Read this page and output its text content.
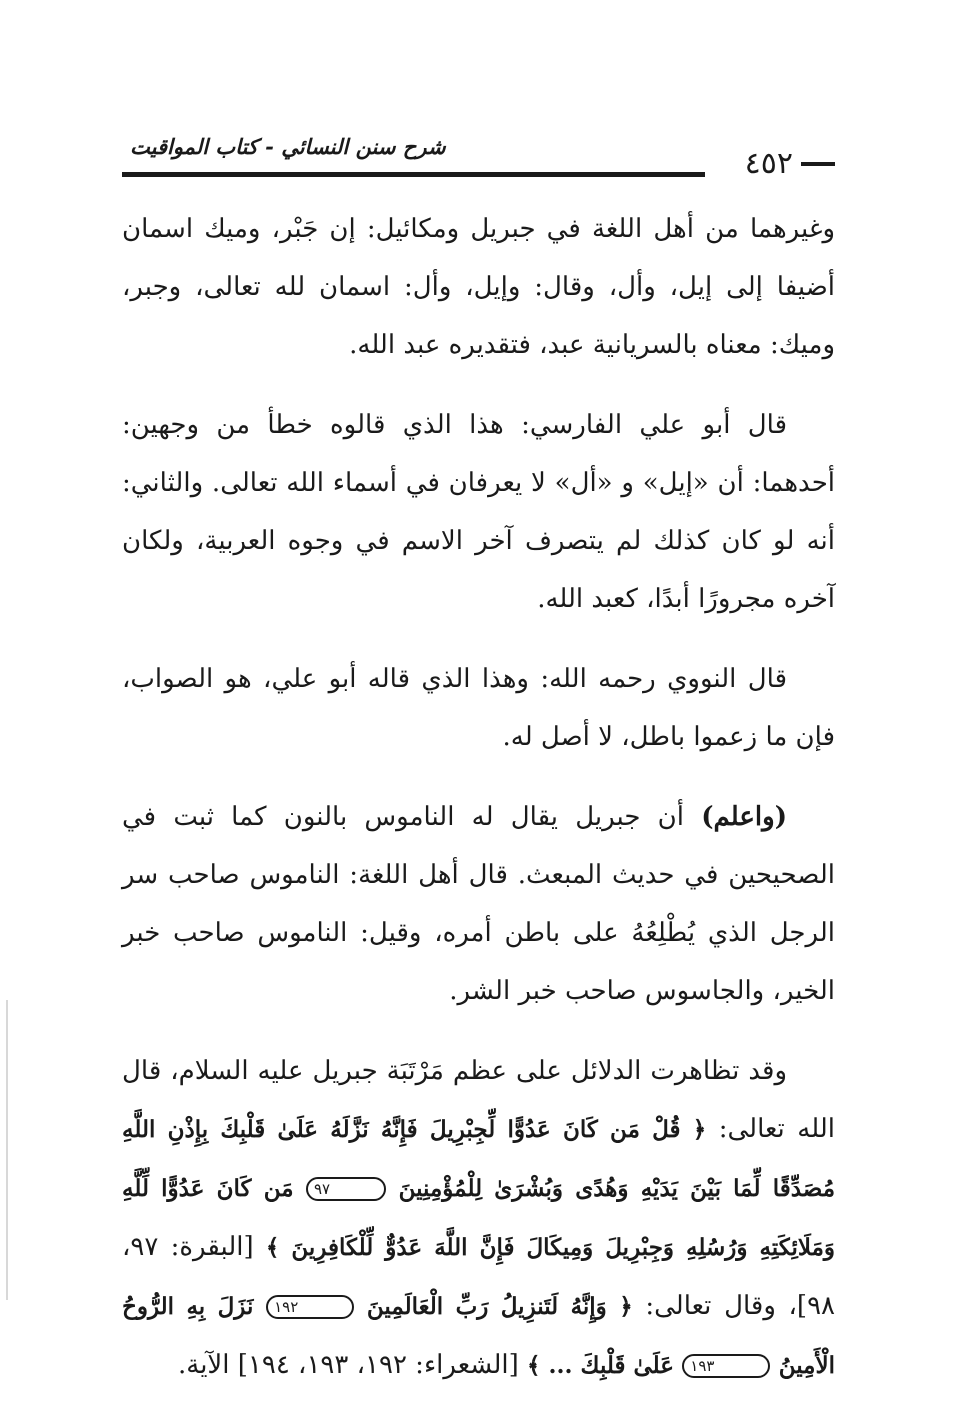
٤٥٢
شرح سنن النسائي - كتاب المواقيت

وغيرهما من أهل اللغة في جبريل ومكائيل: إن جَبْر، وميك اسمان أضيفا إلى إيل، وأل، وقال: وإيل، وأل: اسمان لله تعالى، وجبر، وميك: معناه بالسريانية عبد، فتقديره عبد الله.

قال أبو علي الفارسي: هذا الذي قالوه خطأ من وجهين: أحدهما: أن «إيل» و «أل» لا يعرفان في أسماء الله تعالى. والثاني: أنه لو كان كذلك لم يتصرف آخر الاسم في وجوه العربية، ولكان آخره مجرورًا أبدًا، كعبد الله.

قال النووي رحمه الله: وهذا الذي قاله أبو علي، هو الصواب، فإن ما زعموا باطل، لا أصل له.

(واعلم) أن جبريل يقال له الناموس بالنون كما ثبت في الصحيحين في حديث المبعث. قال أهل اللغة: الناموس صاحب سر الرجل الذي يُطْلِعُهُ على باطن أمره، وقيل: الناموس صاحب خبر الخير، والجاسوس صاحب خبر الشر.

وقد تظاهرت الدلائل على عظم مَرْتَبَة جبريل عليه السلام، قال الله تعالى: ﴿ قُلْ مَن كَانَ عَدُوًّا لِّجِبْرِيلَ فَإِنَّهُ نَزَّلَهُ عَلَىٰ قَلْبِكَ بِإِذْنِ اللَّهِ مُصَدِّقًا لِّمَا بَيْنَ يَدَيْهِ وَهُدًى وَبُشْرَىٰ لِلْمُؤْمِنِينَ ٩٧ مَن كَانَ عَدُوًّا لِّلَّهِ وَمَلَائِكَتِهِ وَرُسُلِهِ وَجِبْرِيلَ وَمِيكَالَ فَإِنَّ اللَّهَ عَدُوٌّ لِّلْكَافِرِينَ ﴾ [البقرة: ٩٧، ٩٨]، وقال تعالى: ﴿ وَإِنَّهُ لَتَنزِيلُ رَبِّ الْعَالَمِينَ ١٩٢ نَزَلَ بِهِ الرُّوحُ الْأَمِينُ ١٩٣ عَلَىٰ قَلْبِكَ ... ﴾ [الشعراء: ١٩٢، ١٩٣، ١٩٤] الآية.
